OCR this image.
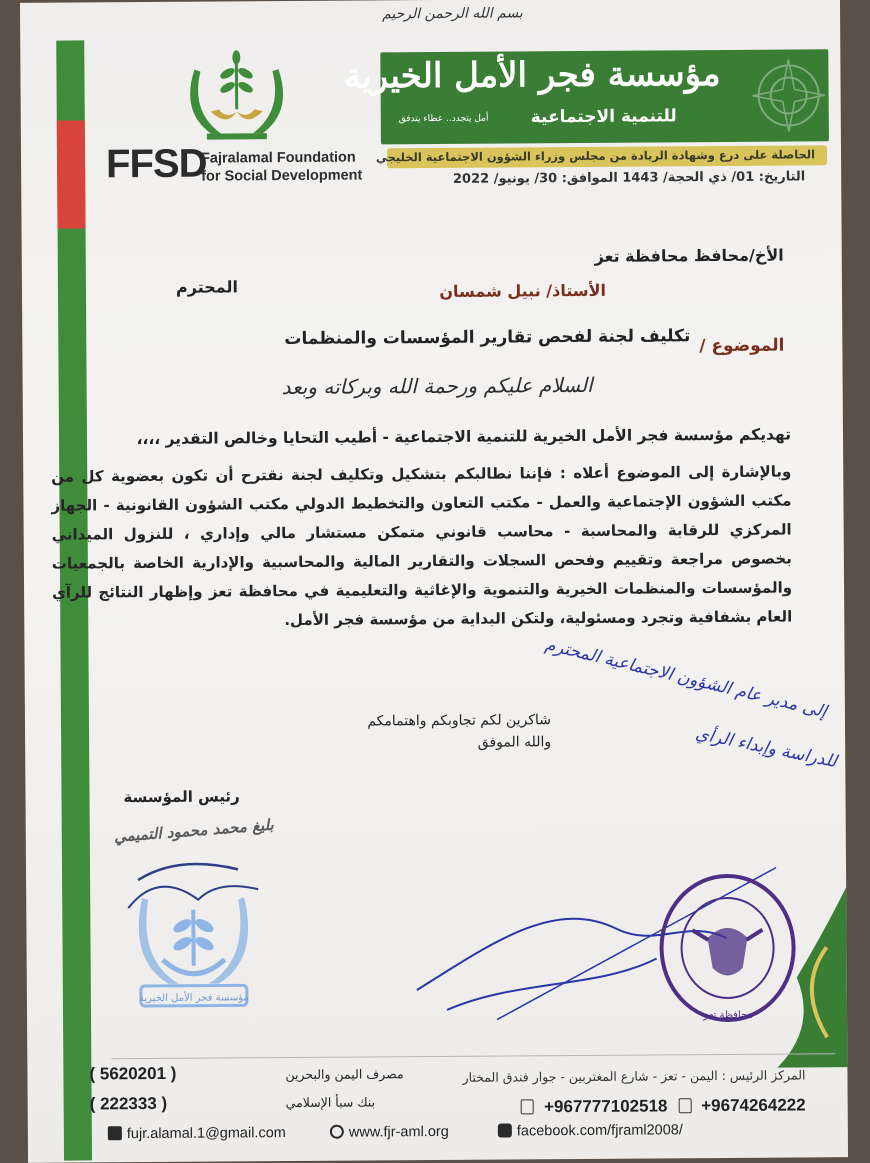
FFSD
Fajralamal Foundation
for Social Development
بسم الله الرحمن الرحيم
مؤسسة فجر الأمل الخيرية
للتنمية الاجتماعية
أمل يتجدد.. عطاء يتدفق
الحاصلة على درع وشهادة الريادة من مجلس وزراء الشؤون الاجتماعية الخليجي
التاريخ: 01/ ذي الحجة/ 1443 الموافق: 30/ يونيو/ 2022
الأخ/محافظ محافظة تعز
الأستاذ/ نبيل شمسان
المحترم
الموضوع /
تكليف لجنة لفحص تقارير المؤسسات والمنظمات
السلام عليكم ورحمة الله وبركاته وبعد
تهديكم مؤسسة فجر الأمل الخيرية للتنمية الاجتماعية - أطيب التحايا وخالص التقدير ،،،،
وبالإشارة إلى الموضوع أعلاه : فإننا نطالبكم بتشكيل وتكليف لجنة نقترح أن تكون بعضوية كل من مكتب الشؤون الإجتماعية والعمل - مكتب التعاون والتخطيط الدولي مكتب الشؤون القانونية - الجهاز المركزي للرقابة والمحاسبة - محاسب قانوني متمكن مستشار مالي وإداري ، للنزول الميداني بخصوص مراجعة وتقييم وفحص السجلات والتقارير المالية والمحاسبية والإدارية الخاصة بالجمعيات والمؤسسات والمنظمات الخيرية والتنموية والإغاثية والتعليمية في محافظة تعز وإظهار النتائج للرآي العام بشفافية وتجرد ومسئولية، ولتكن البداية من مؤسسة فجر الأمل.
شاكرين لكم تجاوبكم واهتمامكم
والله الموفق
رئيس المؤسسة
بليغ محمد محمود التميمي
مؤسسة فجر الأمل الخيرية
إلى مدير عام الشؤون الاجتماعية المحترم
للدراسة وإبداء الرأي
محافظة تعز
المركز الرئيس : اليمن - تعز - شارع المغتربين - جوار فندق المختار
+967777102518 +9674264222
مصرف اليمن والبحرين
بنك سبأ الإسلامي
( 5620201 )
( 222333 )
fujr.alamal.1@gmail.com	www.fjr-aml.org	facebook.com/fjraml2008/
